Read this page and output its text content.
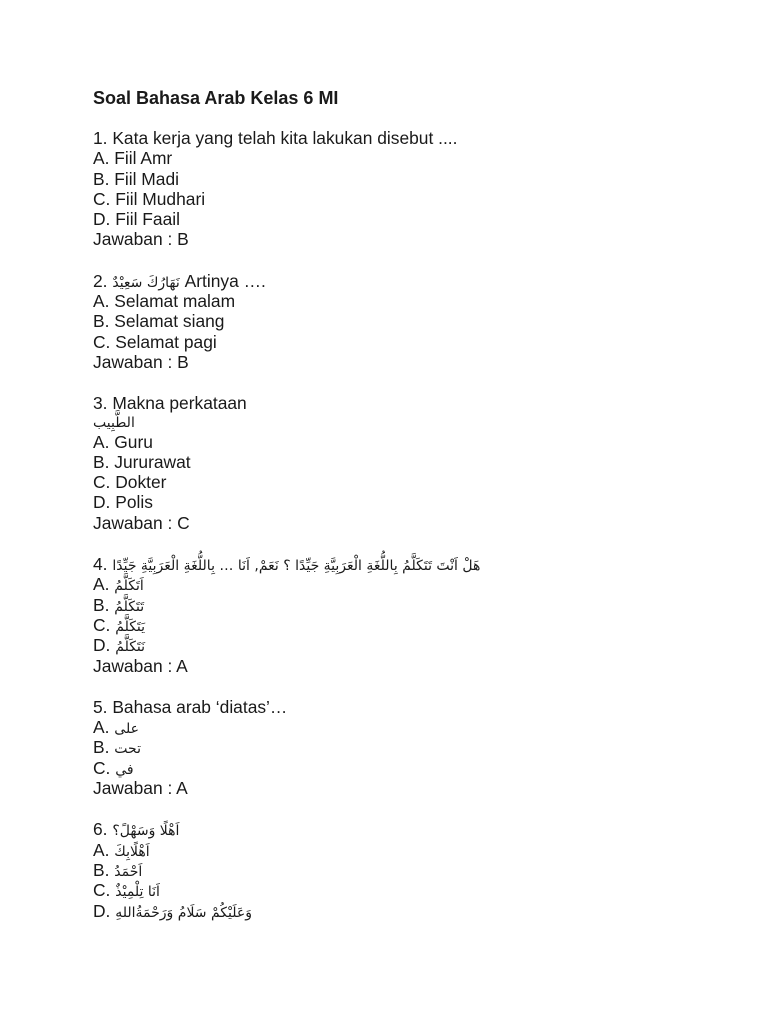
Soal Bahasa Arab Kelas 6 MI
1. Kata kerja yang telah kita lakukan disebut ....
A. Fiil Amr
B. Fiil Madi
C. Fiil Mudhari
D. Fiil Faail
Jawaban : B
2. نَهَارُكَ سَعِيْدٌ Artinya ….
A. Selamat malam
B. Selamat siang
C. Selamat pagi
Jawaban : B
3. Makna perkataan
الطَّبِيب
A. Guru
B. Jururawat
C. Dokter
D. Polis
Jawaban : C
4. هَلْ اَنْتَ تَتَكَلَّمُ بِاللُّغَةِ الْعَرَبِيَّةِ جَيِّدًا ؟ نَعَمْ, اَنَا … بِاللُّغَةِ الْعَرَبِيَّةِ جَيِّدًا
A. اَتَكَلَّمُ
B. تَتَكَلَّمُ
C. يَتَكَلَّمُ
D. نَتَكَلَّمُ
Jawaban : A
5. Bahasa arab ‘diatas’…
A. على
B. تحت
C. في
Jawaban : A
6. اَهْلًا وَسَهْلً؟
A. اَهْلًابِكَ
B. اَحْمَدُ
C. اَنَا تِلْمِيْذٌ
D. وَعَلَيْكُمْ سَلَامُ وَرَحْمَةُاللهِ
